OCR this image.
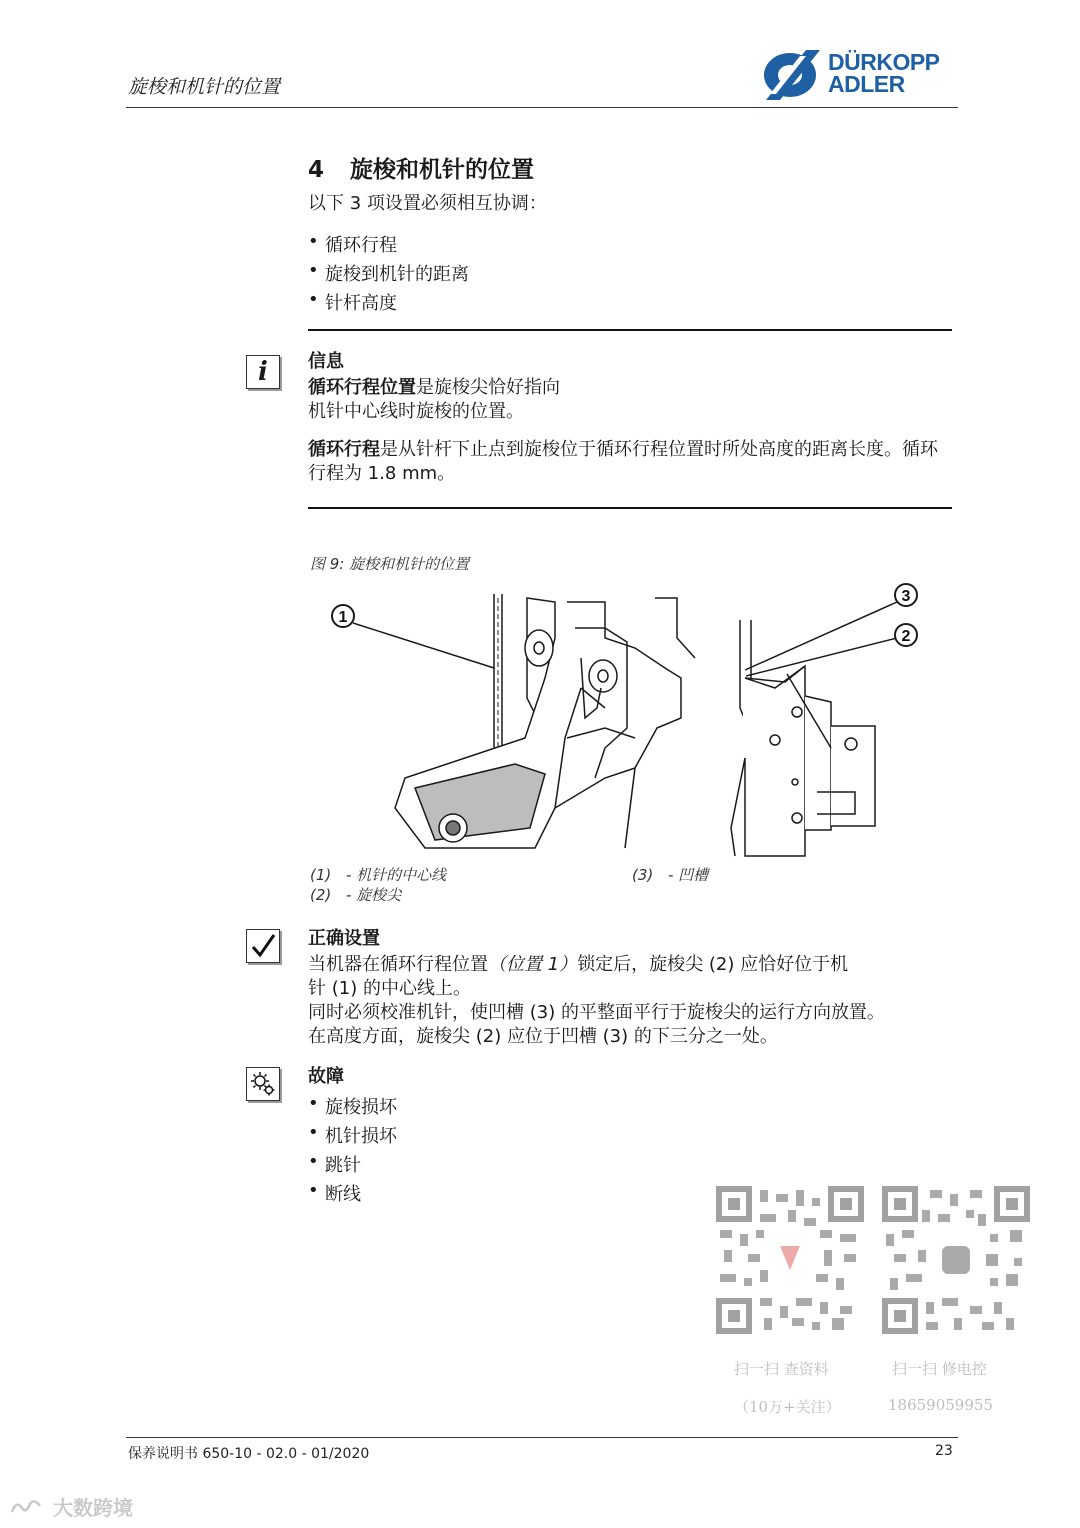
旋梭和机针的位置
DÜRKOPP
ADLER
4 旋梭和机针的位置
以下 3 项设置必须相互协调：
• 循环行程
• 旋梭到机针的距离
• 针杆高度
i	信息
循环行程位置是旋梭尖恰好指向
机针中心线时旋梭的位置。
循环行程是从针杆下止点到旋梭位于循环行程位置时所处高度的距离长度。循环行程为 1.8 mm。
图 9: 旋梭和机针的位置
1
3
2
(1) - 机针的中心线
(2) - 旋梭尖
(3) - 凹槽
正确设置
当机器在循环行程位置（位置 1）锁定后，旋梭尖 (2) 应恰好位于机
针 (1) 的中心线上。
同时必须校准机针，使凹槽 (3) 的平整面平行于旋梭尖的运行方向放置。
在高度方面，旋梭尖 (2) 应位于凹槽 (3) 的下三分之一处。
故障
• 旋梭损坏
• 机针损坏
• 跳针
• 断线
扫一扫 查资料
（10万+关注）
扫一扫 修电控
18659059955
保养说明书 650-10 - 02.0 - 01/2020	23
大数跨境
